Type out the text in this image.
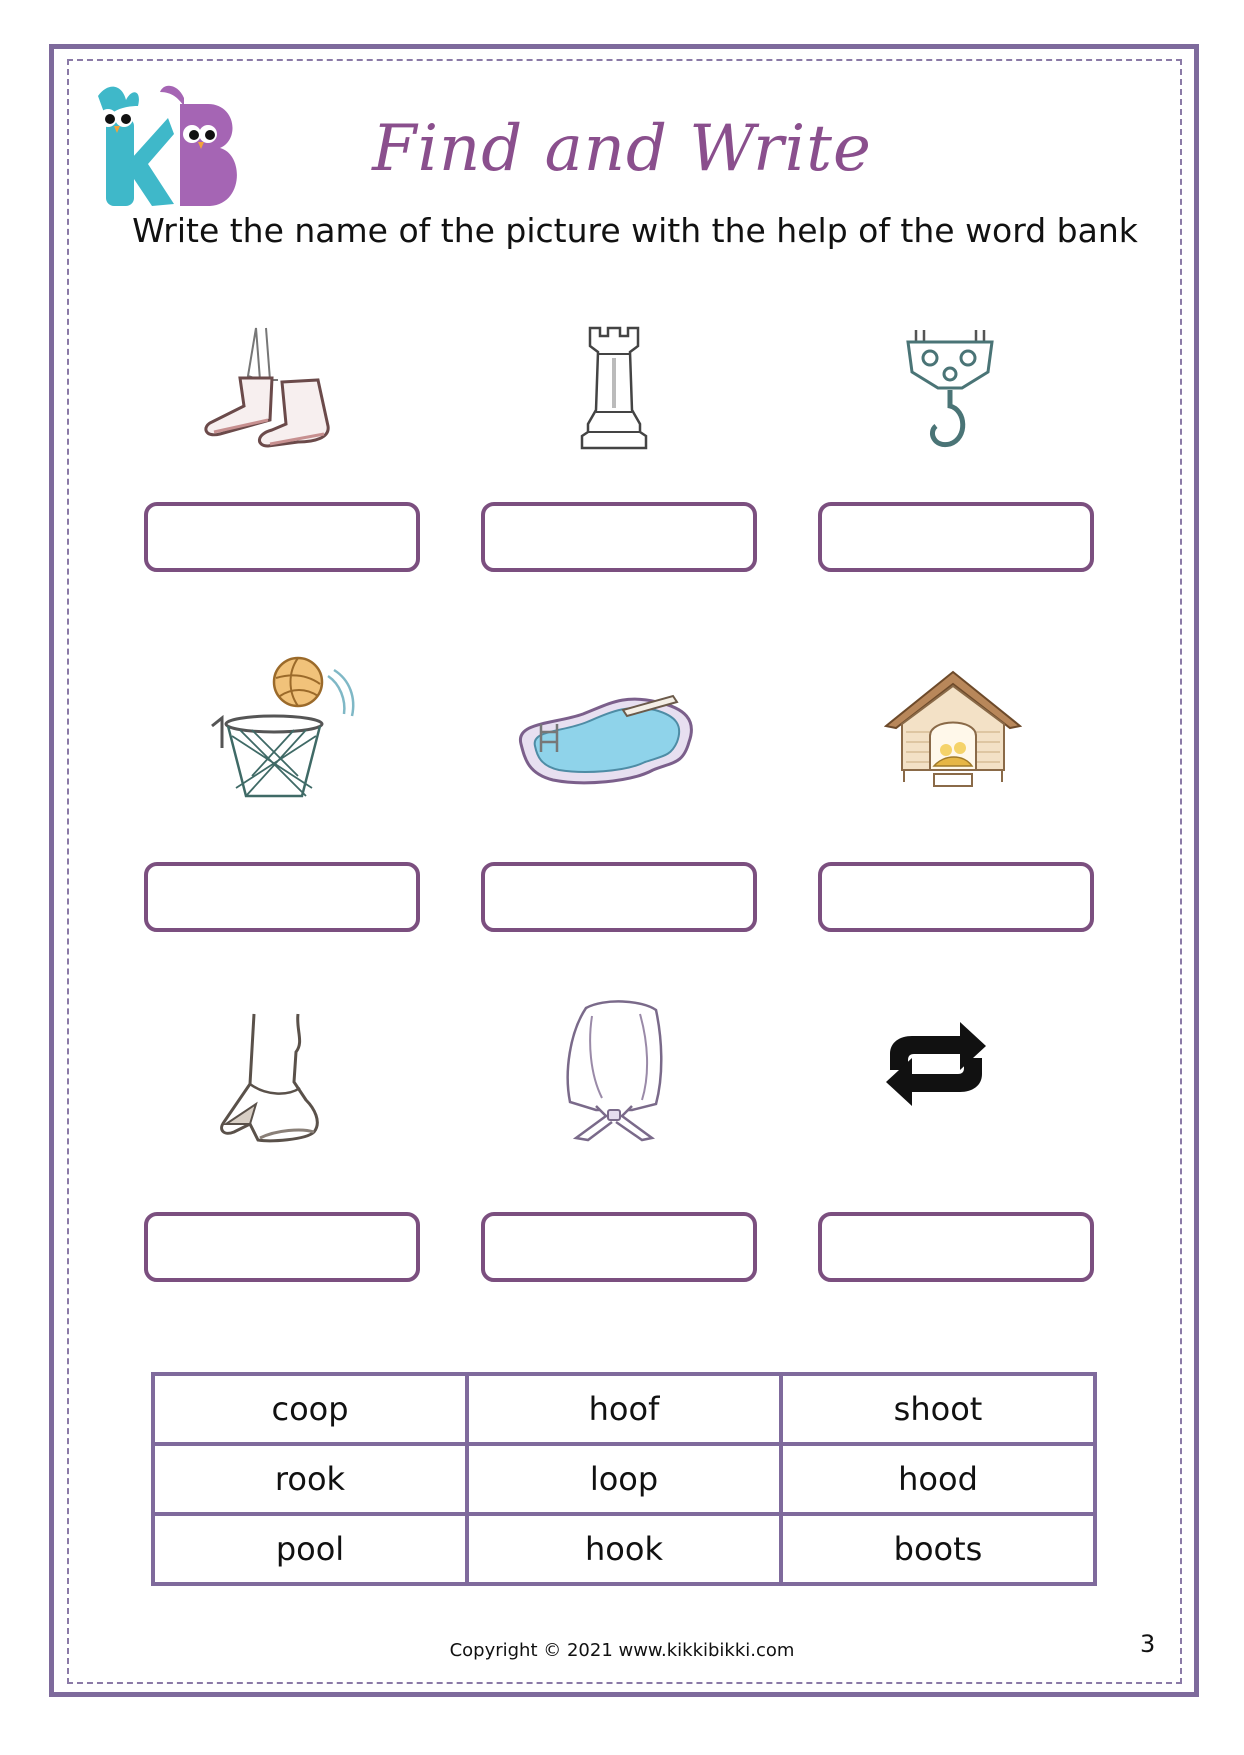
Find and Write
Write the name of the picture with the help of the word bank
coop	hoof	shoot
rook	loop	hood
pool	hook	boots
Copyright © 2021 www.kikkibikki.com	3
